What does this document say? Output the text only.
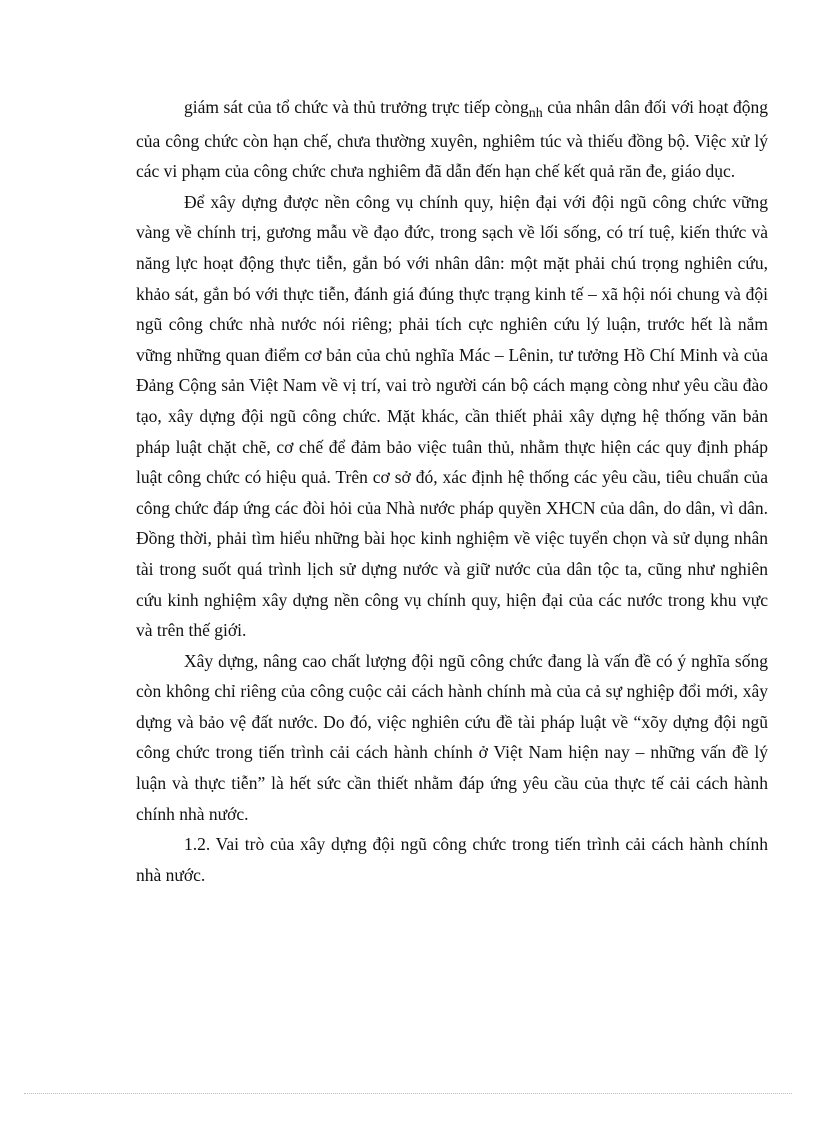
giám sát của tổ chức và thủ trưởng trực tiếp còng$_{nh}$ của nhân dân đối với hoạt động của công chức còn hạn chế, chưa thường xuyên, nghiêm túc và thiếu đồng bộ. Việc xử lý các vi phạm của công chức chưa nghiêm đã dẫn đến hạn chế kết quả răn đe, giáo dục.

Để xây dựng được nền công vụ chính quy, hiện đại với đội ngũ công chức vững vàng về chính trị, gương mẫu về đạo đức, trong sạch về lối sống, có trí tuệ, kiến thức và năng lực hoạt động thực tiễn, gắn bó với nhân dân: một mặt phải chú trọng nghiên cứu, khảo sát, gắn bó với thực tiễn, đánh giá đúng thực trạng kinh tế – xã hội nói chung và đội ngũ công chức nhà nước nói riêng; phải tích cực nghiên cứu lý luận, trước hết là nắm vững những quan điểm cơ bản của chủ nghĩa Mác – Lênin, tư tưởng Hồ Chí Minh và của Đảng Cộng sản Việt Nam về vị trí, vai trò người cán bộ cách mạng còng như yêu cầu đào tạo, xây dựng đội ngũ công chức. Mặt khác, cần thiết phải xây dựng hệ thống văn bản pháp luật chặt chẽ, cơ chế để đảm bảo việc tuân thủ, nhằm thực hiện các quy định pháp luật công chức có hiệu quả. Trên cơ sở đó, xác định hệ thống các yêu cầu, tiêu chuẩn của công chức đáp ứng các đòi hỏi của Nhà nước pháp quyền XHCN của dân, do dân, vì dân. Đồng thời, phải tìm hiểu những bài học kinh nghiệm về việc tuyển chọn và sử dụng nhân tài trong suốt quá trình lịch sử dựng nước và giữ nước của dân tộc ta, cũng như nghiên cứu kinh nghiệm xây dựng nền công vụ chính quy, hiện đại của các nước trong khu vực và trên thế giới.

Xây dựng, nâng cao chất lượng đội ngũ công chức đang là vấn đề có ý nghĩa sống còn không chỉ riêng của công cuộc cải cách hành chính mà của cả sự nghiệp đổi mới, xây dựng và bảo vệ đất nước. Do đó, việc nghiên cứu đề tài pháp luật về “xõy dựng đội ngũ công chức trong tiến trình cải cách hành chính ở Việt Nam hiện nay – những vấn đề lý luận và thực tiễn” là hết sức cần thiết nhằm đáp ứng yêu cầu của thực tế cải cách hành chính nhà nước.

1.2. Vai trò của xây dựng đội ngũ công chức trong tiến trình cải cách hành chính nhà nước.
